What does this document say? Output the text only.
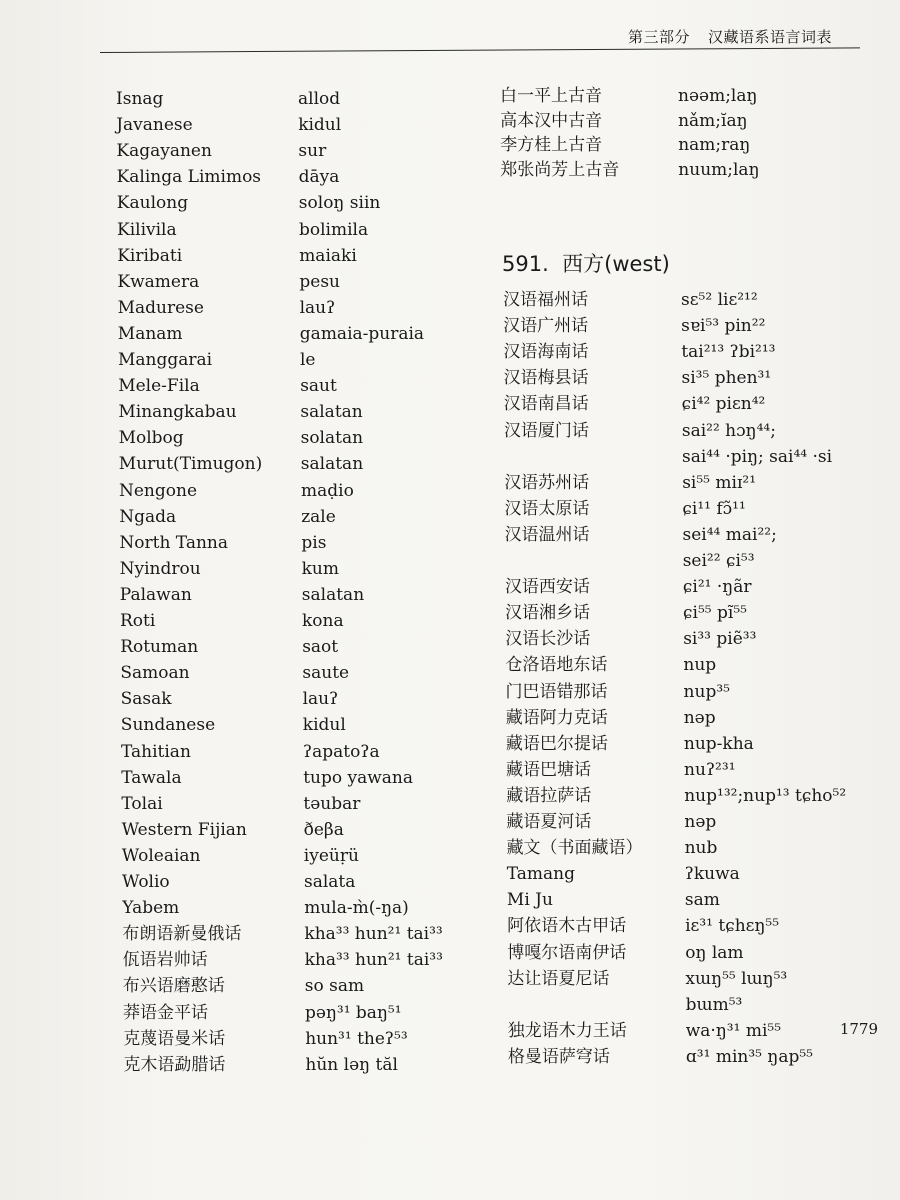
第三部分 汉藏语系语言词表
Isnag	allod
Javanese	kidul
Kagayanen	sur
Kalinga Limimos dāya
Kaulong	soloŋ siin
Kilivila	bolimila
Kiribati	maiaki
Kwamera	pesu
Madurese	lauʔ
Manam	gamaia-puraia
Manggarai	le
Mele-Fila	saut
Minangkabau	salatan
Molbog	solatan
Murut(Timugon) salatan
Nengone	maḍio
Ngada	zale
North Tanna	pis
Nyindrou	kum
Palawan	salatan
Roti	kona
Rotuman	saot
Samoan	saute
Sasak	lauʔ
Sundanese	kidul
Tahitian	ʔapatoʔa
Tawala	tupo yawana
Tolai	təubar
Western Fijian	ðeβa
Woleaian	iyeüṛü
Wolio	salata
Yabem	mula-m̀(-ŋa)
布朗语新曼俄话	kha³³ hun²¹ tai³³
佤语岩帅话	kha³³ hun²¹ tai³³
布兴语磨憨话	so sam
莽语金平话	pəŋ³¹ baŋ⁵¹
克蔑语曼米话	hun³¹ theʔ⁵³
克木语勐腊话	hŭn ləŋ tăl
白一平上古音	nəəm;laŋ
高本汉中古音	nǎm;ĭaŋ
李方桂上古音	nam;raŋ
郑张尚芳上古音	nuum;laŋ
591. 西方(west)
汉语福州话	sɛ⁵² liɛ²¹²
汉语广州话	sɐi⁵³ pin²²
汉语海南话	tai²¹³ ʔbi²¹³
汉语梅县话	si³⁵ phen³¹
汉语南昌话	ɕi⁴² piɛn⁴²
汉语厦门话	sai²² hɔŋ⁴⁴;
sai⁴⁴ ·piŋ; sai⁴⁴ ·si
汉语苏州话	si⁵⁵ miɪ²¹
汉语太原话	ɕi¹¹ fɔ̃¹¹
汉语温州话	sei⁴⁴ mai²²;
sei²² ɕi⁵³
汉语西安话	ɕi²¹ ·ŋãr
汉语湘乡话	ɕi⁵⁵ pĩ⁵⁵
汉语长沙话	si³³ piẽ³³
仓洛语地东话	nup
门巴语错那话	nup³⁵
藏语阿力克话	nəp
藏语巴尔提话	nup-kha
藏语巴塘话	nuʔ²³¹
藏语拉萨话	nup¹³²;nup¹³ tɕho⁵²
藏语夏河话	nəp
藏文（书面藏语） nub
Tamang	ʔkuwa
Mi Ju	sam
阿依语木古甲话	iɛ³¹ tɕhɛŋ⁵⁵
博嘎尔语南伊话	oŋ lam
达让语夏尼话	xɯŋ⁵⁵ lɯŋ⁵³
bɯm⁵³
独龙语木力王话	wa·ŋ³¹ mi⁵⁵
格曼语萨穹话	ɑ³¹ min³⁵ ŋap⁵⁵
1779
